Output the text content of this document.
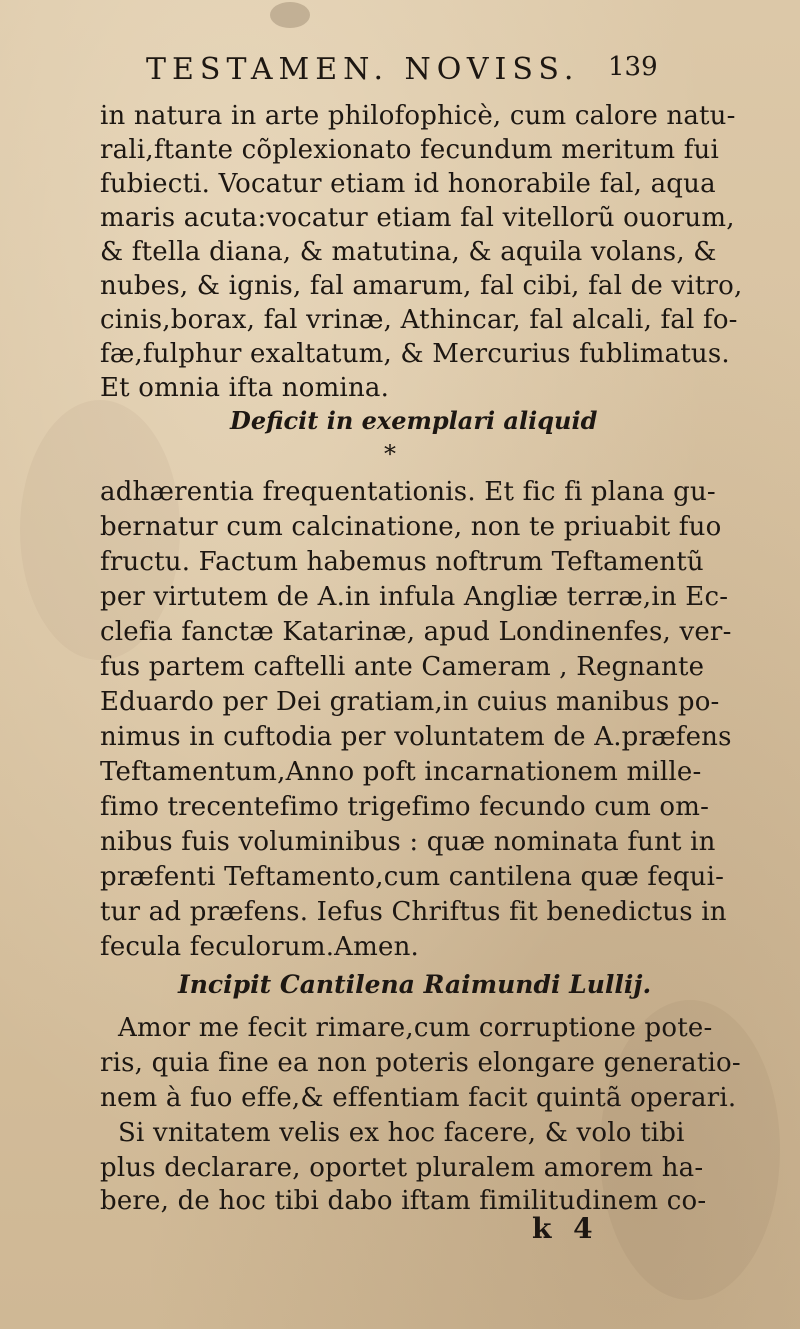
TESTAMEN. NOVISS. 139
in natura in arte philofophicè, cum calore natu-
rali,ftante cõplexionato fecundum meritum fui
fubiecti. Vocatur etiam id honorabile fal, aqua
maris acuta:vocatur etiam fal vitellorũ ouorum,
& ftella diana, & matutina, & aquila volans, &
nubes, & ignis, fal amarum, fal cibi, fal de vitro,
cinis,borax, fal vrinæ, Athincar, fal alcali, fal fo-
fæ,fulphur exaltatum, & Mercurius fublimatus.
Et omnia ifta nomina.
Deficit in exemplari aliquid
*
adhærentia frequentationis. Et fic fi plana gu-
bernatur cum calcinatione, non te priuabit fuo
fructu. Factum habemus noftrum Teftamentũ
per virtutem de A.in infula Angliæ terræ,in Ec-
clefia fanctæ Katarinæ, apud Londinenfes, ver-
fus partem caftelli ante Cameram , Regnante
Eduardo per Dei gratiam,in cuius manibus po-
nimus in cuftodia per voluntatem de A.præfens
Teftamentum,Anno poft incarnationem mille-
fimo trecentefimo trigefimo fecundo cum om-
nibus fuis voluminibus : quæ nominata funt in
præfenti Teftamento,cum cantilena quæ fequi-
tur ad præfens. Iefus Chriftus fit benedictus in
fecula feculorum.Amen.
Incipit Cantilena Raimundi Lullij.
Amor me fecit rimare,cum corruptione pote-
ris, quia fine ea non poteris elongare generatio-
nem à fuo effe,& effentiam facit quintã operari.
Si vnitatem velis ex hoc facere, & volo tibi
plus declarare, oportet pluralem amorem ha-
bere, de hoc tibi dabo iftam fimilitudinem co-
k 4
